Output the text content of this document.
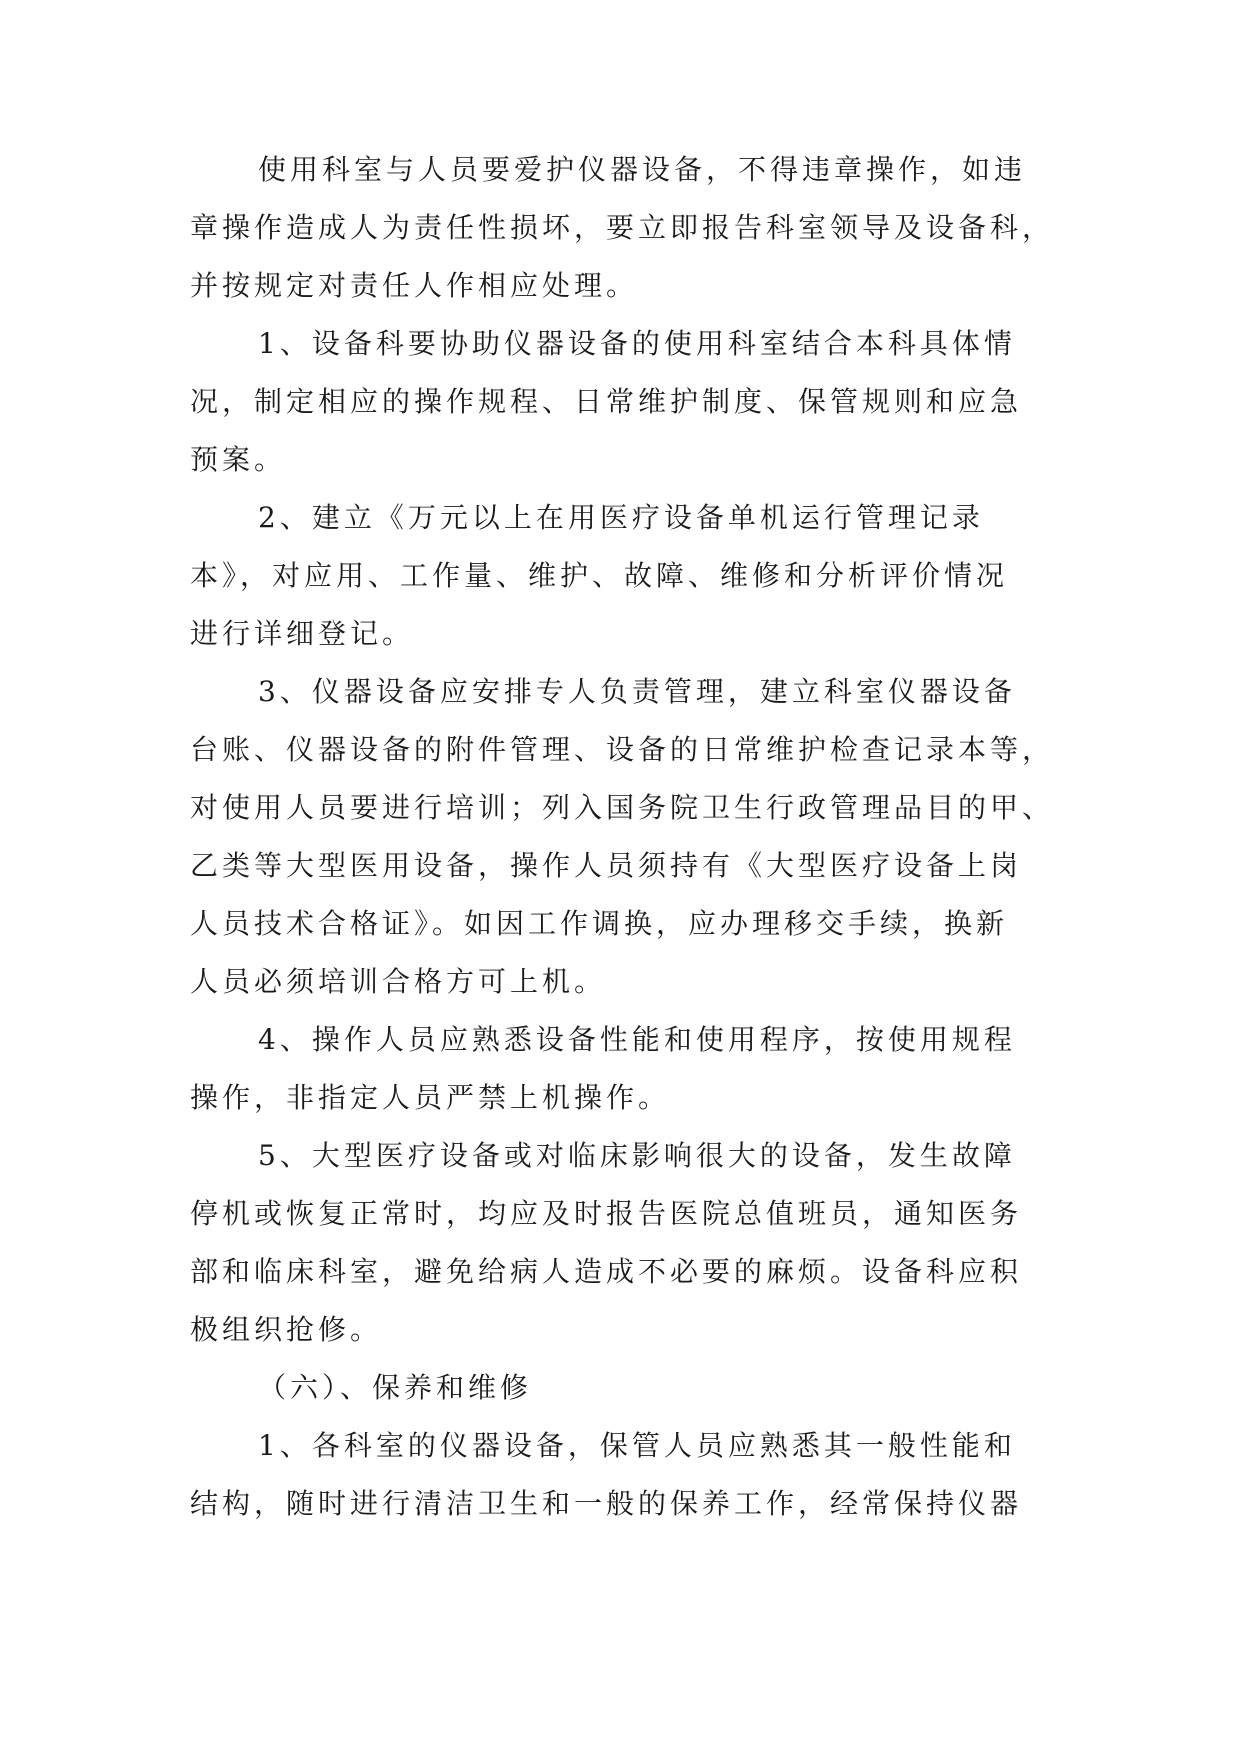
使用科室与人员要爱护仪器设备，不得违章操作，如违
章操作造成人为责任性损坏，要立即报告科室领导及设备科，
并按规定对责任人作相应处理。
1、设备科要协助仪器设备的使用科室结合本科具体情
况，制定相应的操作规程、日常维护制度、保管规则和应急
预案。
2、建立《万元以上在用医疗设备单机运行管理记录
本》，对应用、工作量、维护、故障、维修和分析评价情况
进行详细登记。
3、仪器设备应安排专人负责管理，建立科室仪器设备
台账、仪器设备的附件管理、设备的日常维护检查记录本等，
对使用人员要进行培训；列入国务院卫生行政管理品目的甲、
乙类等大型医用设备，操作人员须持有《大型医疗设备上岗
人员技术合格证》。如因工作调换，应办理移交手续，换新
人员必须培训合格方可上机。
4、操作人员应熟悉设备性能和使用程序，按使用规程
操作，非指定人员严禁上机操作。
5、大型医疗设备或对临床影响很大的设备，发生故障
停机或恢复正常时，均应及时报告医院总值班员，通知医务
部和临床科室，避免给病人造成不必要的麻烦。设备科应积
极组织抢修。
（六）、保养和维修
1、各科室的仪器设备，保管人员应熟悉其一般性能和
结构，随时进行清洁卫生和一般的保养工作，经常保持仪器
